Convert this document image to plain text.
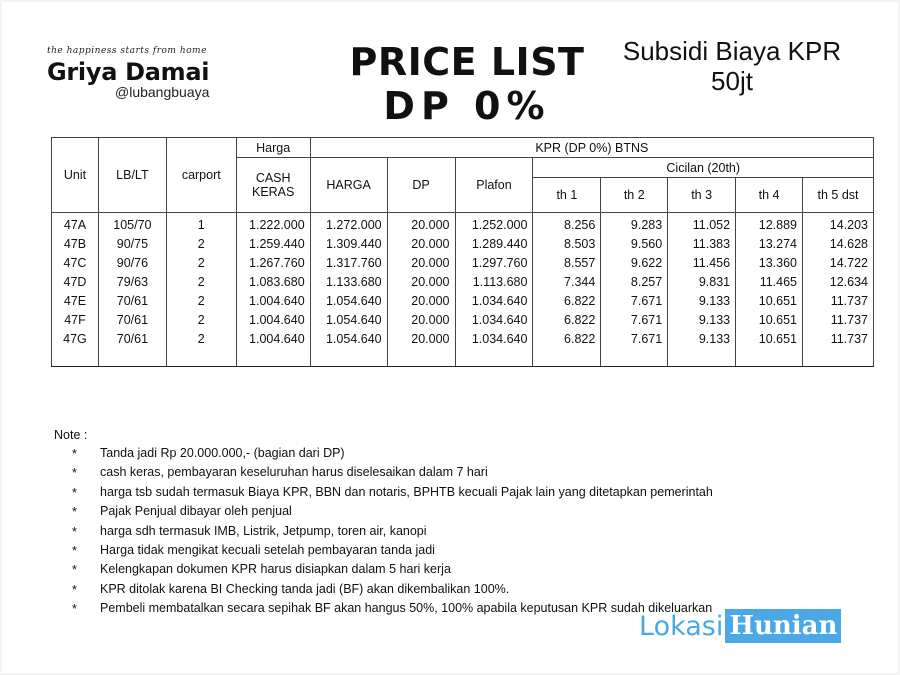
the happiness starts from home
Griya Damai
@lubangbuaya
PRICE LIST
DP 0%
Subsidi Biaya KPR
50jt
Unit	LB/LT	carport	Harga	KPR (DP 0%) BTNS							
			CASH KERAS	HARGA	DP	Plafon	Cicilan (20th)				
							th 1	th 2	th 3	th 4	th 5 dst
47A	105/70	1	1.222.000	1.272.000	20.000	1.252.000	8.256	9.283	11.052	12.889	14.203
47B	90/75	2	1.259.440	1.309.440	20.000	1.289.440	8.503	9.560	11.383	13.274	14.628
47C	90/76	2	1.267.760	1.317.760	20.000	1.297.760	8.557	9.622	11.456	13.360	14.722
47D	79/63	2	1.083.680	1.133.680	20.000	1.113.680	7.344	8.257	9.831	11.465	12.634
47E	70/61	2	1.004.640	1.054.640	20.000	1.034.640	6.822	7.671	9.133	10.651	11.737
47F	70/61	2	1.004.640	1.054.640	20.000	1.034.640	6.822	7.671	9.133	10.651	11.737
47G	70/61	2	1.004.640	1.054.640	20.000	1.034.640	6.822	7.671	9.133	10.651	11.737

Note :
* Tanda jadi Rp 20.000.000,- (bagian dari DP)
* cash keras, pembayaran keseluruhan harus diselesaikan dalam 7 hari
* harga tsb sudah termasuk Biaya KPR, BBN dan notaris, BPHTB kecuali Pajak lain yang ditetapkan pemerintah
* Pajak Penjual dibayar oleh penjual
* harga sdh termasuk IMB, Listrik, Jetpump, toren air, kanopi
* Harga tidak mengikat kecuali setelah pembayaran tanda jadi
* Kelengkapan dokumen KPR harus disiapkan dalam 5 hari kerja
* KPR ditolak karena BI Checking tanda jadi (BF) akan dikembalikan 100%.
* Pembeli membatalkan secara sepihak BF akan hangus 50%, 100% apabila keputusan KPR sudah dikeluarkan
Lokasi Hunian
